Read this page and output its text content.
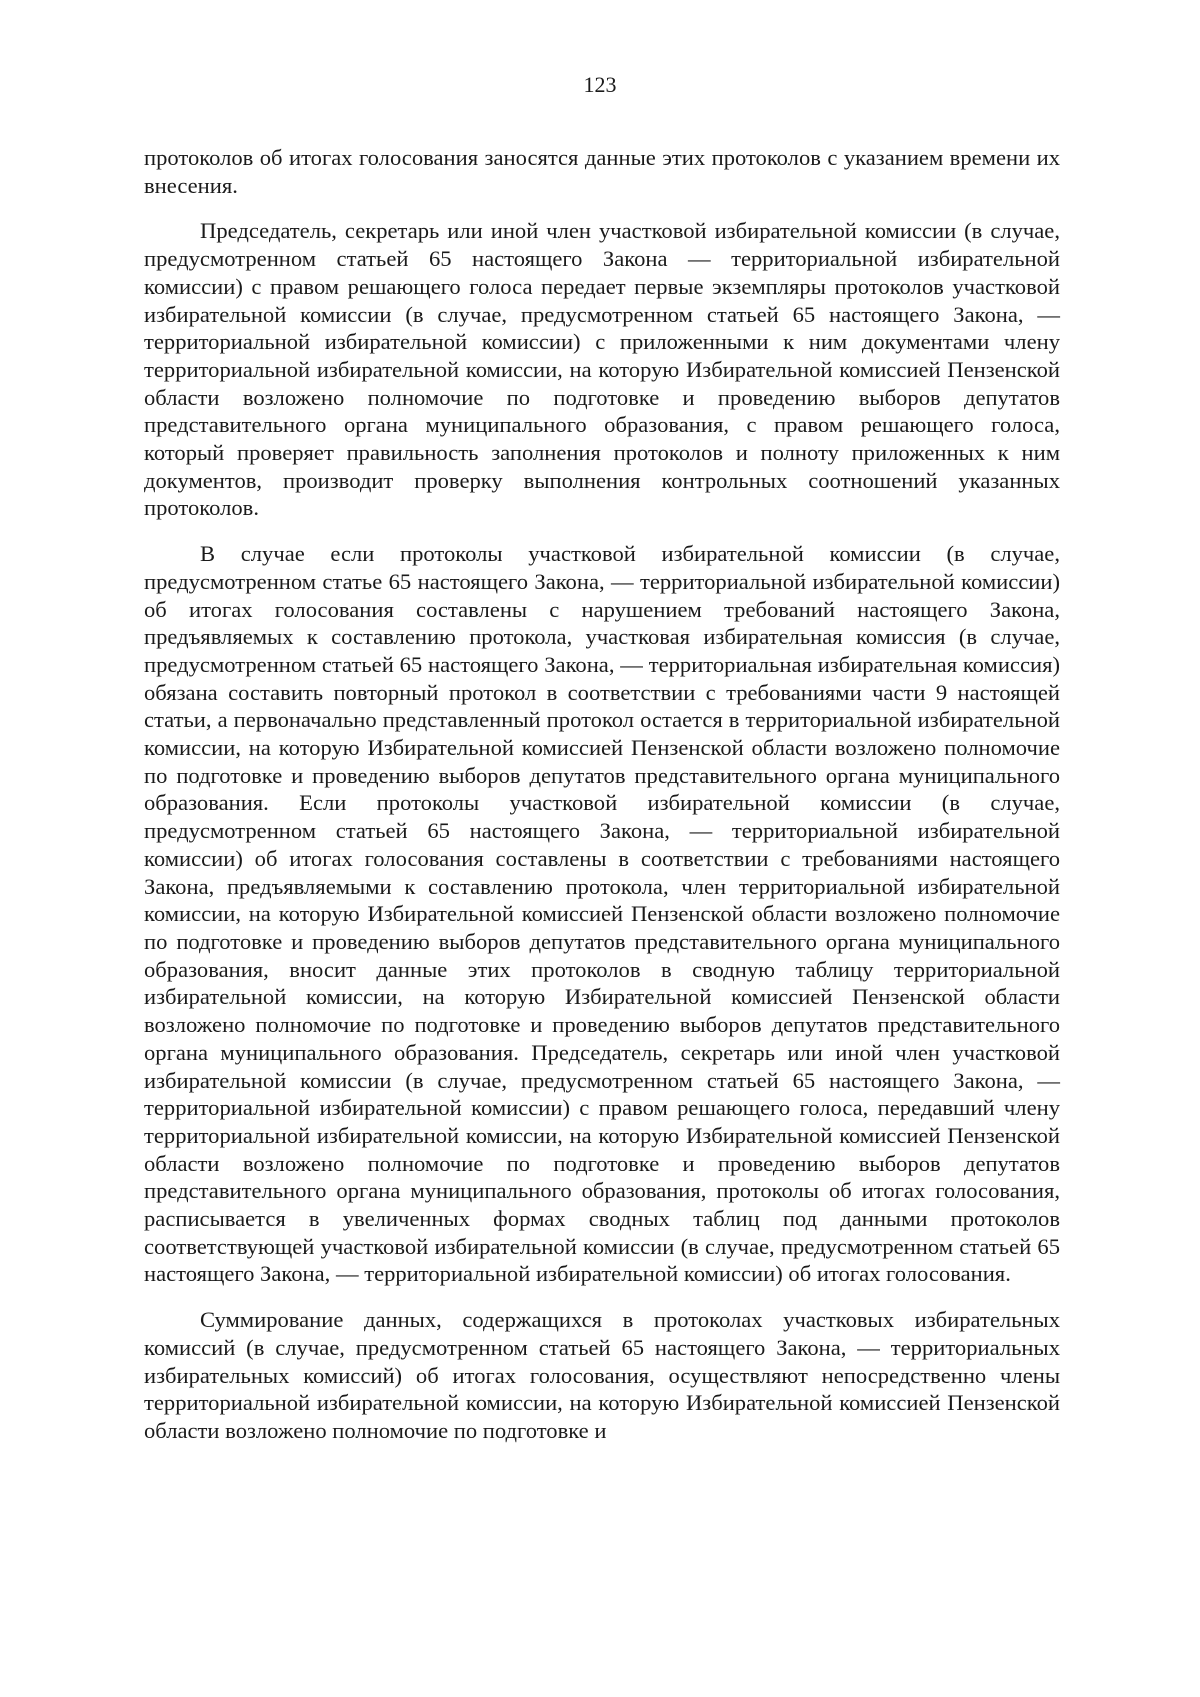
123

протоколов об итогах голосования заносятся данные этих протоколов с указанием времени их внесения.

Председатель, секретарь или иной член участковой избирательной комиссии (в случае, предусмотренном статьей 65 настоящего Закона — территориальной избирательной комиссии) с правом решающего голоса передает первые экземпляры протоколов участковой избирательной комиссии (в случае, предусмотренном статьей 65 настоящего Закона, — территориальной избирательной комиссии) с приложенными к ним документами члену территориальной избирательной комиссии, на которую Избирательной комиссией Пензенской области возложено полномочие по подготовке и проведению выборов депутатов представительного органа муниципального образования, с правом решающего голоса, который проверяет правильность заполнения протоколов и полноту приложенных к ним документов, производит проверку выполнения контрольных соотношений указанных протоколов.

В случае если протоколы участковой избирательной комиссии (в случае, предусмотренном статье 65 настоящего Закона, — территориальной избирательной комиссии) об итогах голосования составлены с нарушением требований настоящего Закона, предъявляемых к составлению протокола, участковая избирательная комиссия (в случае, предусмотренном статьей 65 настоящего Закона, — территориальная избирательная комиссия) обязана составить повторный протокол в соответствии с требованиями части 9 настоящей статьи, а первоначально представленный протокол остается в территориальной избирательной комиссии, на которую Избирательной комиссией Пензенской области возложено полномочие по подготовке и проведению выборов депутатов представительного органа муниципального образования. Если протоколы участковой избирательной комиссии (в случае, предусмотренном статьей 65 настоящего Закона, — территориальной избирательной комиссии) об итогах голосования составлены в соответствии с требованиями настоящего Закона, предъявляемыми к составлению протокола, член территориальной избирательной комиссии, на которую Избирательной комиссией Пензенской области возложено полномочие по подготовке и проведению выборов депутатов представительного органа муниципального образования, вносит данные этих протоколов в сводную таблицу территориальной избирательной комиссии, на которую Избирательной комиссией Пензенской области возложено полномочие по подготовке и проведению выборов депутатов представительного органа муниципального образования. Председатель, секретарь или иной член участковой избирательной комиссии (в случае, предусмотренном статьей 65 настоящего Закона, — территориальной избирательной комиссии) с правом решающего голоса, передавший члену территориальной избирательной комиссии, на которую Избирательной комиссией Пензенской области возложено полномочие по подготовке и проведению выборов депутатов представительного органа муниципального образования, протоколы об итогах голосования, расписывается в увеличенных формах сводных таблиц под данными протоколов соответствующей участковой избирательной комиссии (в случае, предусмотренном статьей 65 настоящего Закона, — территориальной избирательной комиссии) об итогах голосования.

Суммирование данных, содержащихся в протоколах участковых избирательных комиссий (в случае, предусмотренном статьей 65 настоящего Закона, — территориальных избирательных комиссий) об итогах голосования, осуществляют непосредственно члены территориальной избирательной комиссии, на которую Избирательной комиссией Пензенской области возложено полномочие по подготовке и
